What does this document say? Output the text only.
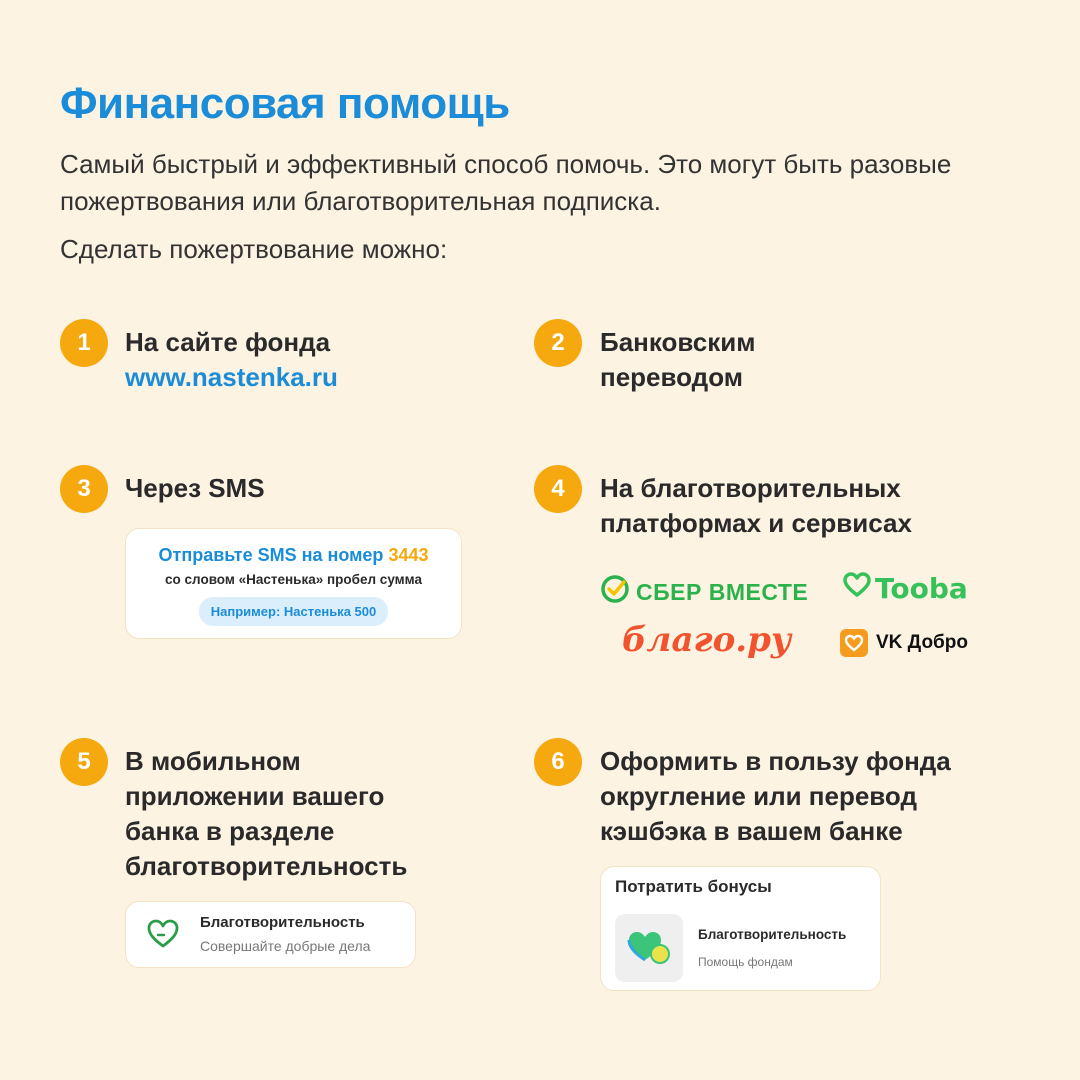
Финансовая помощь
Самый быстрый и эффективный способ помочь. Это могут быть разовые пожертвования или благотворительная подписка.
Сделать пожертвование можно:
1	На сайте фонда
www.nastenka.ru
2	Банковским
переводом
3	Через SMS
Отправьте SMS на номер 3443
со словом «Настенька» пробел сумма
Например: Настенька 500
4	На благотворительных
платформах и сервисах
СБЕР ВМЕСТЕ Tooba
благо.ру	VK Добро
5	В мобильном
приложении вашего
банка в разделе
благотворительность
Благотворительность
Совершайте добрые дела
6	Оформить в пользу фонда
округление или перевод
кэшбэка в вашем банке
Потратить бонусы
Благотворительность
Помощь фондам
